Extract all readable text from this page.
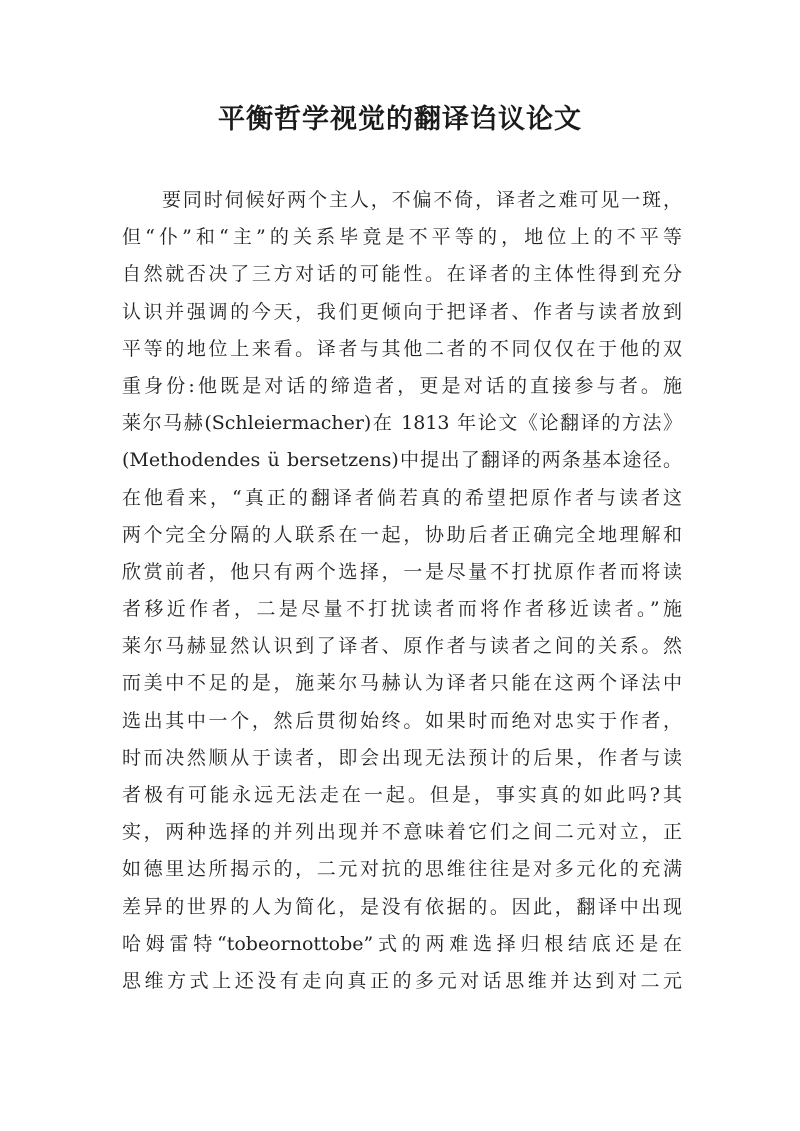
平衡哲学视觉的翻译诌议论文
要同时伺候好两个主人，不偏不倚，译者之难可见一斑，
但“仆”和“主”的关系毕竟是不平等的，地位上的不平等
自然就否决了三方对话的可能性。在译者的主体性得到充分
认识并强调的今天，我们更倾向于把译者、作者与读者放到
平等的地位上来看。译者与其他二者的不同仅仅在于他的双
重身份:他既是对话的缔造者，更是对话的直接参与者。施
莱尔马赫(Schleiermacher)在 1813 年论文《论翻译的方法》
(Methodendes ü bersetzens)中提出了翻译的两条基本途径。
在他看来，“真正的翻译者倘若真的希望把原作者与读者这
两个完全分隔的人联系在一起，协助后者正确完全地理解和
欣赏前者，他只有两个选择，一是尽量不打扰原作者而将读
者移近作者，二是尽量不打扰读者而将作者移近读者。”施
莱尔马赫显然认识到了译者、原作者与读者之间的关系。然
而美中不足的是，施莱尔马赫认为译者只能在这两个译法中
选出其中一个，然后贯彻始终。如果时而绝对忠实于作者，
时而决然顺从于读者，即会出现无法预计的后果，作者与读
者极有可能永远无法走在一起。但是，事实真的如此吗?其
实，两种选择的并列出现并不意味着它们之间二元对立，正
如德里达所揭示的，二元对抗的思维往往是对多元化的充满
差异的世界的人为简化，是没有依据的。因此，翻译中出现
哈姆雷特“tobeornottobe”式的两难选择归根结底还是在
思维方式上还没有走向真正的多元对话思维并达到对二元
